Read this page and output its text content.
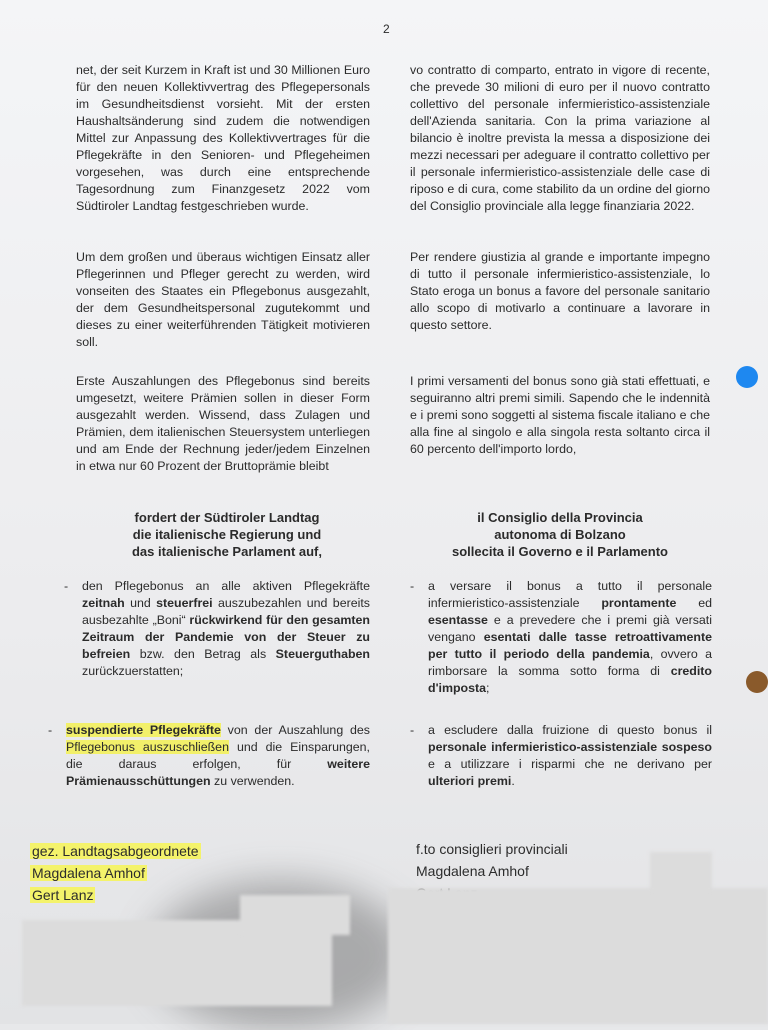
2

net, der seit Kurzem in Kraft ist und 30 Millionen Euro für den neuen Kollektivvertrag des Pflegepersonals im Gesundheitsdienst vorsieht. Mit der ersten Haushaltsänderung sind zudem die notwendigen Mittel zur Anpassung des Kollektivvertrages für die Pflegekräfte in den Senioren- und Pflegeheimen vorgesehen, was durch eine entsprechende Tagesordnung zum Finanzgesetz 2022 vom Südtiroler Landtag festgeschrieben wurde.

Um dem großen und überaus wichtigen Einsatz aller Pflegerinnen und Pfleger gerecht zu werden, wird vonseiten des Staates ein Pflegebonus ausgezahlt, der dem Gesundheitspersonal zugutekommt und dieses zu einer weiterführenden Tätigkeit motivieren soll.

Erste Auszahlungen des Pflegebonus sind bereits umgesetzt, weitere Prämien sollen in dieser Form ausgezahlt werden. Wissend, dass Zulagen und Prämien, dem italienischen Steuersystem unterliegen und am Ende der Rechnung jeder/jedem Einzelnen in etwa nur 60 Prozent der Bruttoprämie bleibt

vo contratto di comparto, entrato in vigore di recente, che prevede 30 milioni di euro per il nuovo contratto collettivo del personale infermieristico-assistenziale dell'Azienda sanitaria. Con la prima variazione al bilancio è inoltre prevista la messa a disposizione dei mezzi necessari per adeguare il contratto collettivo per il personale infermieristico-assistenziale delle case di riposo e di cura, come stabilito da un ordine del giorno del Consiglio provinciale alla legge finanziaria 2022.

Per rendere giustizia al grande e importante impegno di tutto il personale infermieristico-assistenziale, lo Stato eroga un bonus a favore del personale sanitario allo scopo di motivarlo a continuare a lavorare in questo settore.

I primi versamenti del bonus sono già stati effettuati, e seguiranno altri premi simili. Sapendo che le indennità e i premi sono soggetti al sistema fiscale italiano e che alla fine al singolo e alla singola resta soltanto circa il 60 percento dell'importo lordo,

fordert der Südtiroler Landtag
die italienische Regierung und
das italienische Parlament auf,
il Consiglio della Provincia
autonoma di Bolzano
sollecita il Governo e il Parlamento
- den Pflegebonus an alle aktiven Pflegekräfte zeitnah und steuerfrei auszubezahlen und bereits ausbezahlte „Boni“ rückwirkend für den gesamten Zeitraum der Pandemie von der Steuer zu befreien bzw. den Betrag als Steuerguthaben zurückzuerstatten;
- suspendierte Pflegekräfte von der Auszahlung des Pflegebonus auszuschließen und die Einsparungen, die daraus erfolgen, für weitere Prämienausschüttungen zu verwenden.
- a versare il bonus a tutto il personale infermieristico-assistenziale prontamente ed esentasse e a prevedere che i premi già versati vengano esentati dalle tasse retroattivamente per tutto il periodo della pandemia, ovvero a rimborsare la somma sotto forma di credito d'imposta;
- a escludere dalla fruizione di questo bonus il personale infermieristico-assistenziale sospeso e a utilizzare i risparmi che ne derivano per ulteriori premi.
gez. Landtagsabgeordnete
Magdalena Amhof
Gert Lanz
f.to consiglieri provinciali
Magdalena Amhof
